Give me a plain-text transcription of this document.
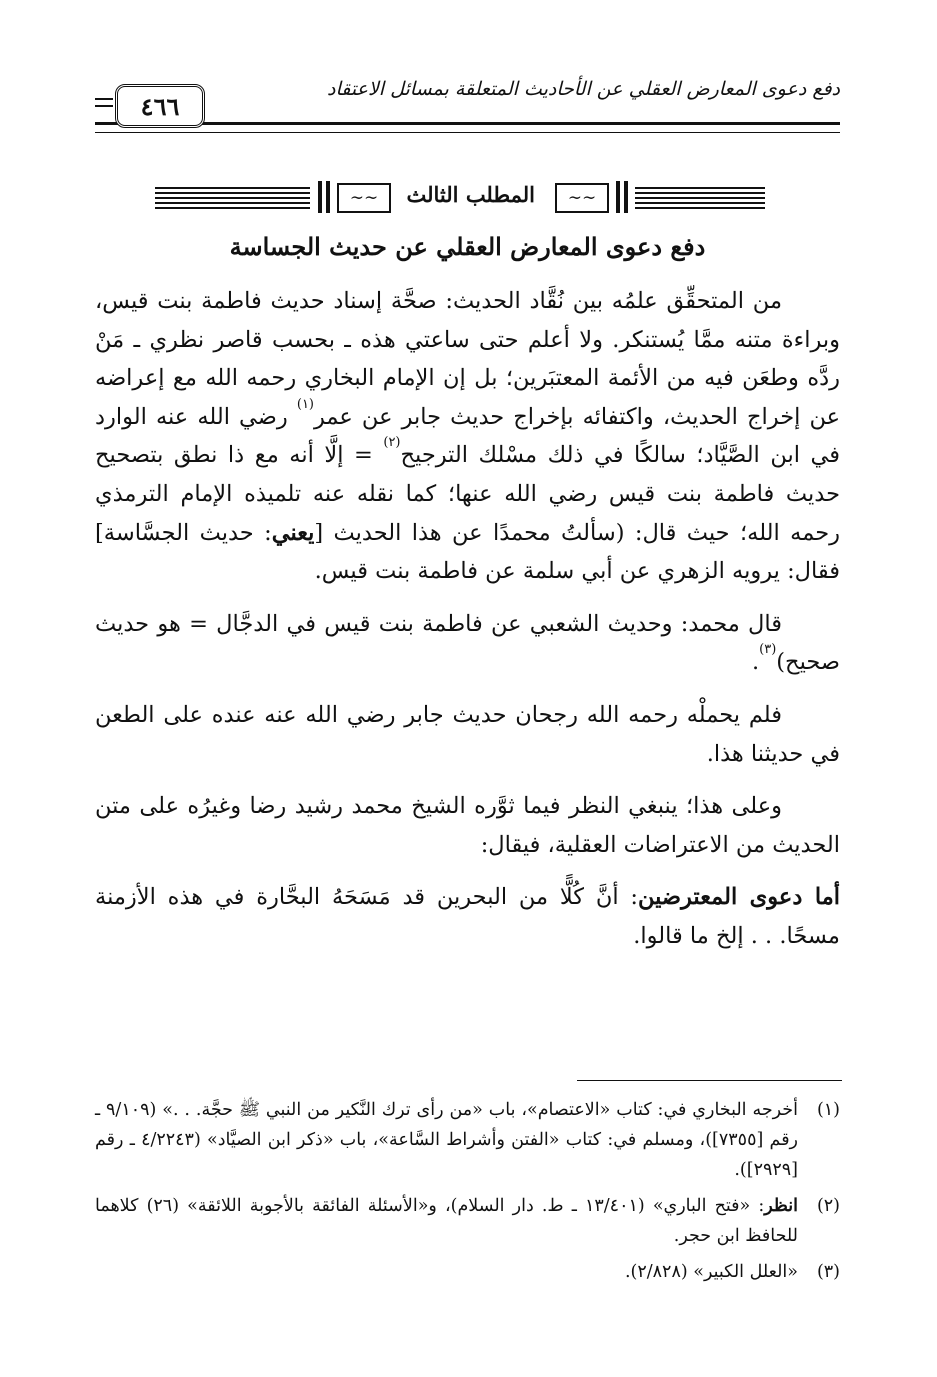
دفع دعوى المعارض العقلي عن الأحاديث المتعلقة بمسائل الاعتقاد
٤٦٦
∽∽	المطلب الثالث	∽∽
دفع دعوى المعارض العقلي عن حديث الجساسة

من المتحقِّق علمُه بين نُقَّاد الحديث: صحَّة إسناد حديث فاطمة بنت قيس، وبراءة متنه ممَّا يُستنكر. ولا أعلم حتى ساعتي هذه ـ بحسب قاصر نظري ـ مَنْ ردَّه وطعَن فيه من الأئمة المعتبَرين؛ بل إن الإمام البخاري رحمه الله مع إعراضه عن إخراج الحديث، واكتفائه بإخراج حديث جابر عن عمر$^{(١)}$ رضي الله عنه الوارد في ابن الصَّيَّاد؛ سالكًا في ذلك مسْلك الترجيح$^{(٢)}$ = إلَّا أنه مع ذا نطق بتصحيح حديث فاطمة بنت قيس رضي الله عنها؛ كما نقله عنه تلميذه الإمام الترمذي رحمه الله؛ حيث قال: (سألتُ محمدًا عن هذا الحديث [يعني: حديث الجسَّاسة] فقال: يرويه الزهري عن أبي سلمة عن فاطمة بنت قيس.

قال محمد: وحديث الشعبي عن فاطمة بنت قيس في الدجَّال = هو حديث صحيح)$^{(٣)}$.

فلم يحملْه رحمه الله رجحان حديث جابر رضي الله عنه عنده على الطعن في حديثنا هذا.

وعلى هذا؛ ينبغي النظر فيما ثوَّره الشيخ محمد رشيد رضا وغيرُه على متن الحديث من الاعتراضات العقلية، فيقال:

أما دعوى المعترضين: أنَّ كُلًّا من البحرين قد مَسَحَهُ البحَّارة في هذه الأزمنة مسحًا. . . إلخ ما قالوا.

(١)
أخرجه البخاري في: كتاب «الاعتصام»، باب «من رأى ترك النَّكير من النبي ﷺ حجَّة. . .» (٩/١٠٩ ـ رقم [٧٣٥٥])، ومسلم في: كتاب «الفتن وأشراط السَّاعة»، باب «ذكر ابن الصيَّاد» (٤/٢٢٤٣ ـ رقم [٢٩٢٩]).
(٢)
انظر: «فتح الباري» (١٣/٤٠١ ـ ط. دار السلام)، و«الأسئلة الفائقة بالأجوبة اللائقة» (٢٦) كلاهما للحافظ ابن حجر.
(٣)
«العلل الكبير» (٢/٨٢٨).
